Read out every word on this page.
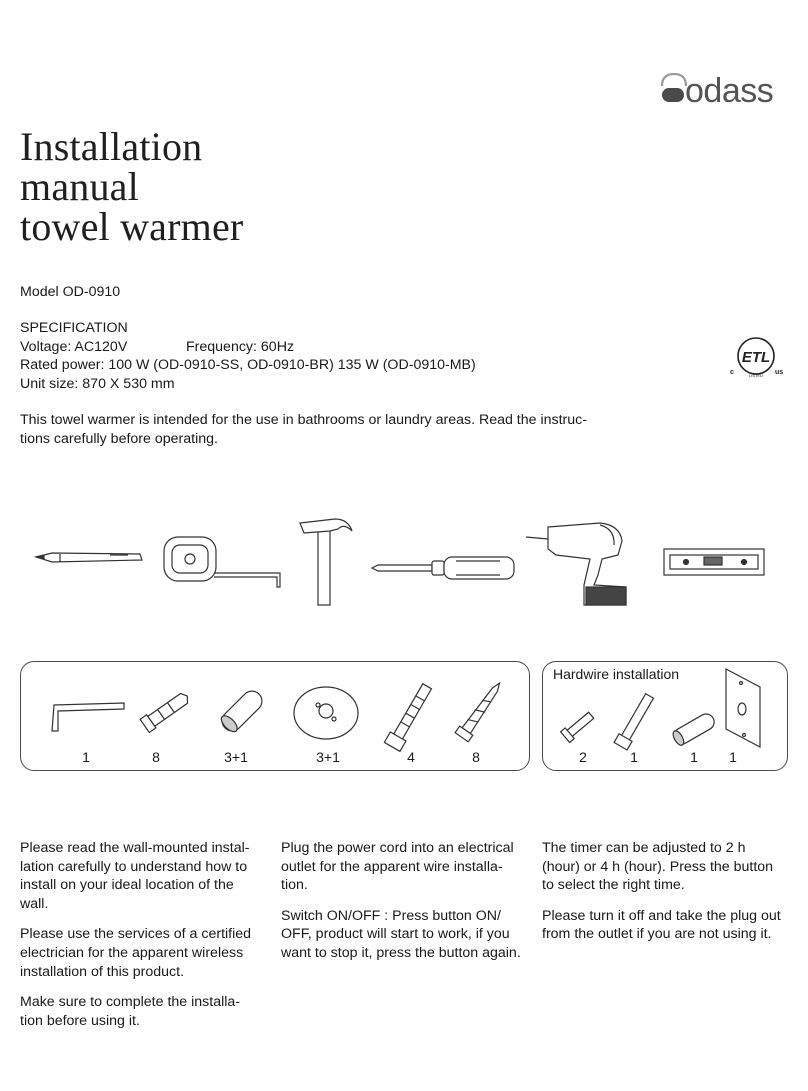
odass
Installation
manual
towel warmer
Model OD-0910
SPECIFICATION
Voltage: AC120V	Frequency: 60Hz
Rated power: 100 W (OD-0910-SS, OD-0910-BR) 135 W (OD-0910-MB)
Unit size: 870 X 530 mm
ETL
c	us
LISTED
This towel warmer is intended for the use in bathrooms or laundry areas. Read the instruc- tions carefully before operating.
Hardwire installation
1	8	3+1	3+1	4	8	2	1	1 1

Please read the wall-mounted instal- lation carefully to understand how to install on your ideal location of the wall.

Please use the services of a certified electrician for the apparent wireless installation of this product.

Make sure to complete the installa- tion before using it.

Plug the power cord into an electrical outlet for the apparent wire installa- tion.

Switch ON/OFF : Press button ON/ OFF, product will start to work, if you want to stop it, press the button again.

The timer can be adjusted to 2 h (hour) or 4 h (hour). Press the button to select the right time.

Please turn it off and take the plug out from the outlet if you are not using it.
